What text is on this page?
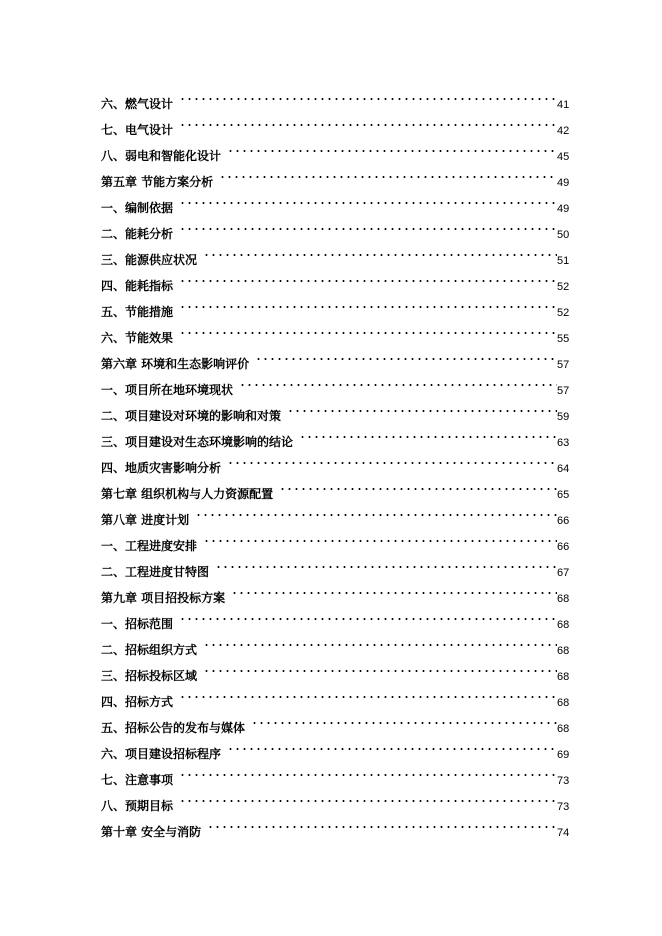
六、燃气设计	41
七、电气设计	42
八、弱电和智能化设计	45
第五章 节能方案分析	49
一、编制依据	49
二、能耗分析	50
三、能源供应状况	51
四、能耗指标	52
五、节能措施	52
六、节能效果	55
第六章 环境和生态影响评价	57
一、项目所在地环境现状	57
二、项目建设对环境的影响和对策	59
三、项目建设对生态环境影响的结论	63
四、地质灾害影响分析	64
第七章 组织机构与人力资源配置	65
第八章 进度计划	66
一、工程进度安排	66
二、工程进度甘特图	67
第九章 项目招投标方案	68
一、招标范围	68
二、招标组织方式	68
三、招标投标区域	68
四、招标方式	68
五、招标公告的发布与媒体	68
六、项目建设招标程序	69
七、注意事项	73
八、预期目标	73
第十章 安全与消防	74
